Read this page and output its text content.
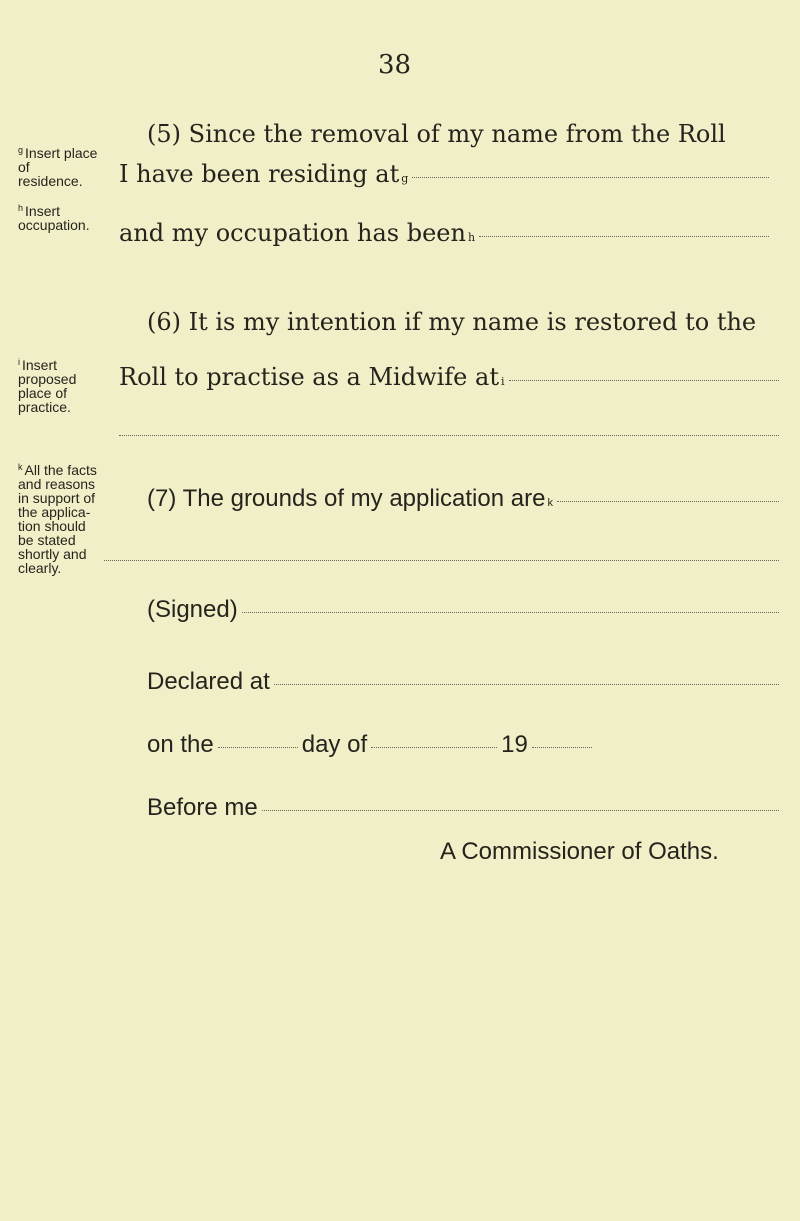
38
$^g$ Insert place of residence.
$^h$ Insert occupation.
$^i$ Insert proposed place of practice.
$^k$ All the facts and reasons in support of the applica- tion should be stated shortly and clearly.
(5) Since the removal of my name from the Roll
I have been residing at g
and my occupation has been h
(6) It is my intention if my name is restored to the
Roll to practise as a Midwife at i
(7) The grounds of my application are k
(Signed)
Declared at
on the	day of	19
Before me
A Commissioner of Oaths.
